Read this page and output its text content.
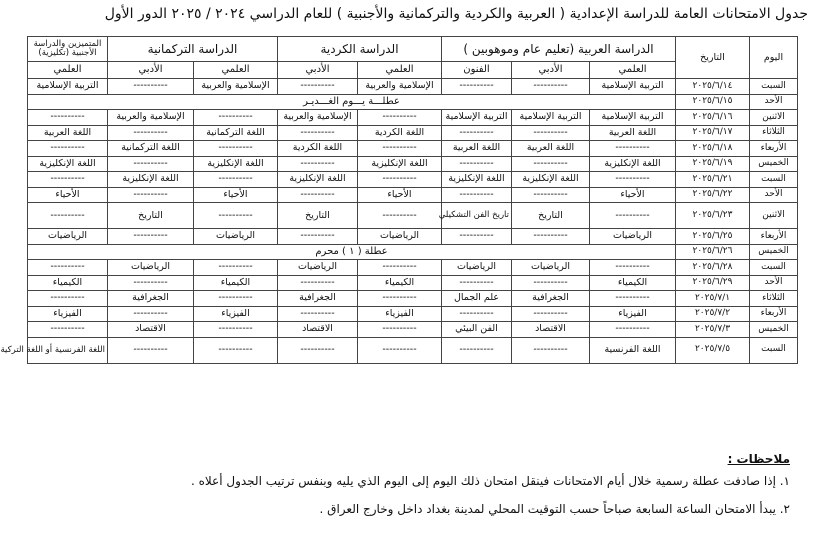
جدول الامتحانات العامة للدراسة الإعدادية ( العربية والكردية والتركمانية والأجنبية ) للعام الدراسي ٢٠٢٤ / ٢٠٢٥ الدور الأول
اليوم	التاريخ	الدراسة العربية (تعليم عام وموهوبين )			الدراسة الكردية		الدراسة التركمانية		المتميزين والدراسة الأجنبية (تكليزية)
		العلمي	الأدبي	الفنون	العلمي	الأدبي	العلمي	الأدبي	العلمي
السبت	٢٠٢٥/٦/١٤	التربية الإسلامية	----------	----------	الإسلامية والعربية	----------	الإسلامية والعربية	----------	التربية الإسلامية
الأحد	٢٠٢٥/٦/١٥	عطلـــة يـــوم الغـــديـر							
الاثنين	٢٠٢٥/٦/١٦	التربية الإسلامية	التربية الإسلامية	التربية الإسلامية	----------	الإسلامية والعربية	----------	الإسلامية والعربية	----------
الثلاثاء	٢٠٢٥/٦/١٧	اللغة العربية	----------	----------	اللغة الكردية	----------	اللغة التركمانية	----------	اللغة العربية
الأربعاء	٢٠٢٥/٦/١٨	----------	اللغة العربية	اللغة العربية	----------	اللغة الكردية	----------	اللغة التركمانية	----------
الخميس	٢٠٢٥/٦/١٩	اللغة الإنكليزية	----------	----------	اللغة الإنكليزية	----------	اللغة الإنكليزية	----------	اللغة الإنكليزية
السبت	٢٠٢٥/٦/٢١	----------	اللغة الإنكليزية	اللغة الإنكليزية	----------	اللغة الإنكليزية	----------	اللغة الإنكليزية	----------
الأحد	٢٠٢٥/٦/٢٢	الأحياء	----------	----------	الأحياء	----------	الأحياء	----------	الأحياء
الاثنين	٢٠٢٥/٦/٢٣	----------	التاريخ	تاريخ الفن التشكيلي	----------	التاريخ	----------	التاريخ	----------
الأربعاء	٢٠٢٥/٦/٢٥	الرياضيات	----------	----------	الرياضيات	----------	الرياضيات	----------	الرياضيات
الخميس	٢٠٢٥/٦/٢٦	عطلة ( ١ ) محرم							
السبت	٢٠٢٥/٦/٢٨	----------	الرياضيات	الرياضيات	----------	الرياضيات	----------	الرياضيات	----------
الأحد	٢٠٢٥/٦/٢٩	الكيمياء	----------	----------	الكيمياء	----------	الكيمياء	----------	الكيمياء
الثلاثاء	٢٠٢٥/٧/١	----------	الجغرافية	علم الجمال	----------	الجغرافية	----------	الجغرافية	----------
الأربعاء	٢٠٢٥/٧/٢	الفيزياء	----------	----------	الفيزياء	----------	الفيزياء	----------	الفيزياء
الخميس	٢٠٢٥/٧/٣	----------	الاقتصاد	الفن البيئي	----------	الاقتصاد	----------	الاقتصاد	----------
السبت	٢٠٢٥/٧/٥	اللغة الفرنسية	----------	----------	----------	----------	----------	----------	اللغة الفرنسية أو اللغة التركية
ملاحظات :
١. إذا صادفت عطلة رسمية خلال أيام الامتحانات فينقل امتحان ذلك اليوم إلى اليوم الذي يليه وبنفس ترتيب الجدول أعلاه .
٢. يبدأ الامتحان الساعة السابعة صباحاً حسب التوقيت المحلي لمدينة بغداد داخل وخارج العراق .
